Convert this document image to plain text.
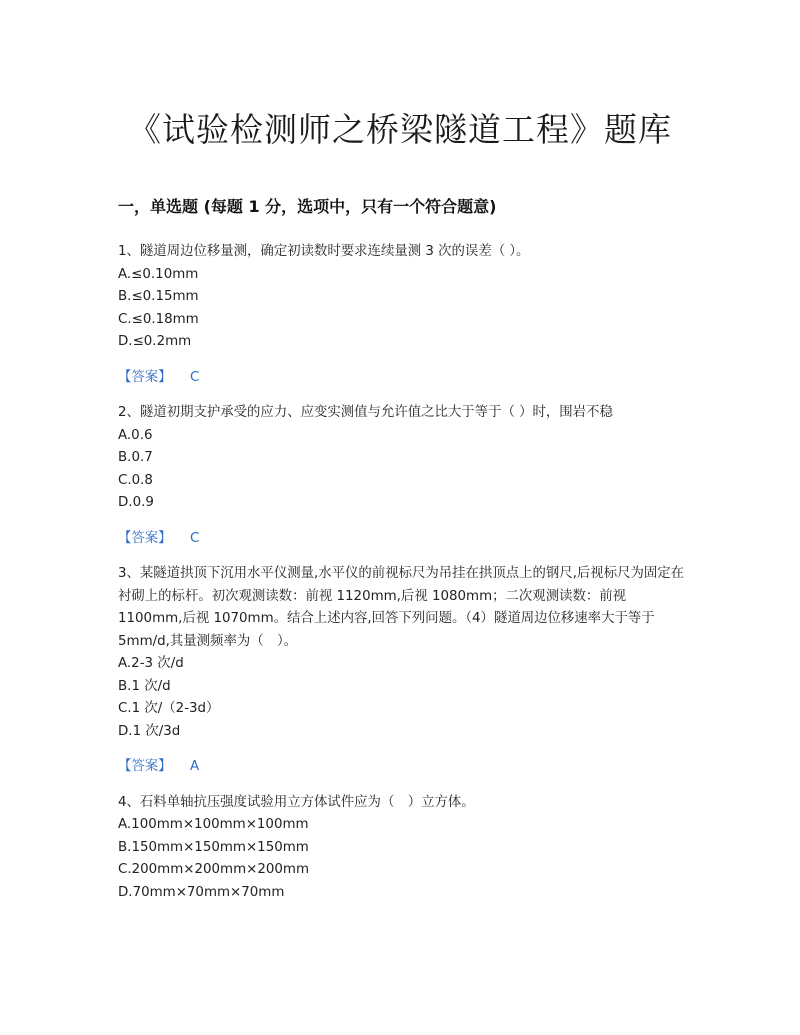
《试验检测师之桥梁隧道工程》题库
一，单选题 (每题 1 分，选项中，只有一个符合题意)

1、隧道周边位移量测，确定初读数时要求连续量测 3 次的误差（ ）。

A.≤0.10mm

B.≤0.15mm

C.≤0.18mm

D.≤0.2mm

【答案】 C

2、隧道初期支护承受的应力、应变实测值与允许值之比大于等于（ ）时，围岩不稳

A.0.6

B.0.7

C.0.8

D.0.9

【答案】 C

3、某隧道拱顶下沉用水平仪测量,水平仪的前视标尺为吊挂在拱顶点上的钢尺,后视标尺为固定在衬砌上的标杆。初次观测读数：前视 1120mm,后视 1080mm；二次观测读数：前视 1100mm,后视 1070mm。结合上述内容,回答下列问题。（4）隧道周边位移速率大于等于 5mm/d,其量测频率为（　）。

A.2-3 次/d

B.1 次/d

C.1 次/（2-3d）

D.1 次/3d

【答案】 A

4、石料单轴抗压强度试验用立方体试件应为（　）立方体。

A.100mm×100mm×100mm

B.150mm×150mm×150mm

C.200mm×200mm×200mm

D.70mm×70mm×70mm
